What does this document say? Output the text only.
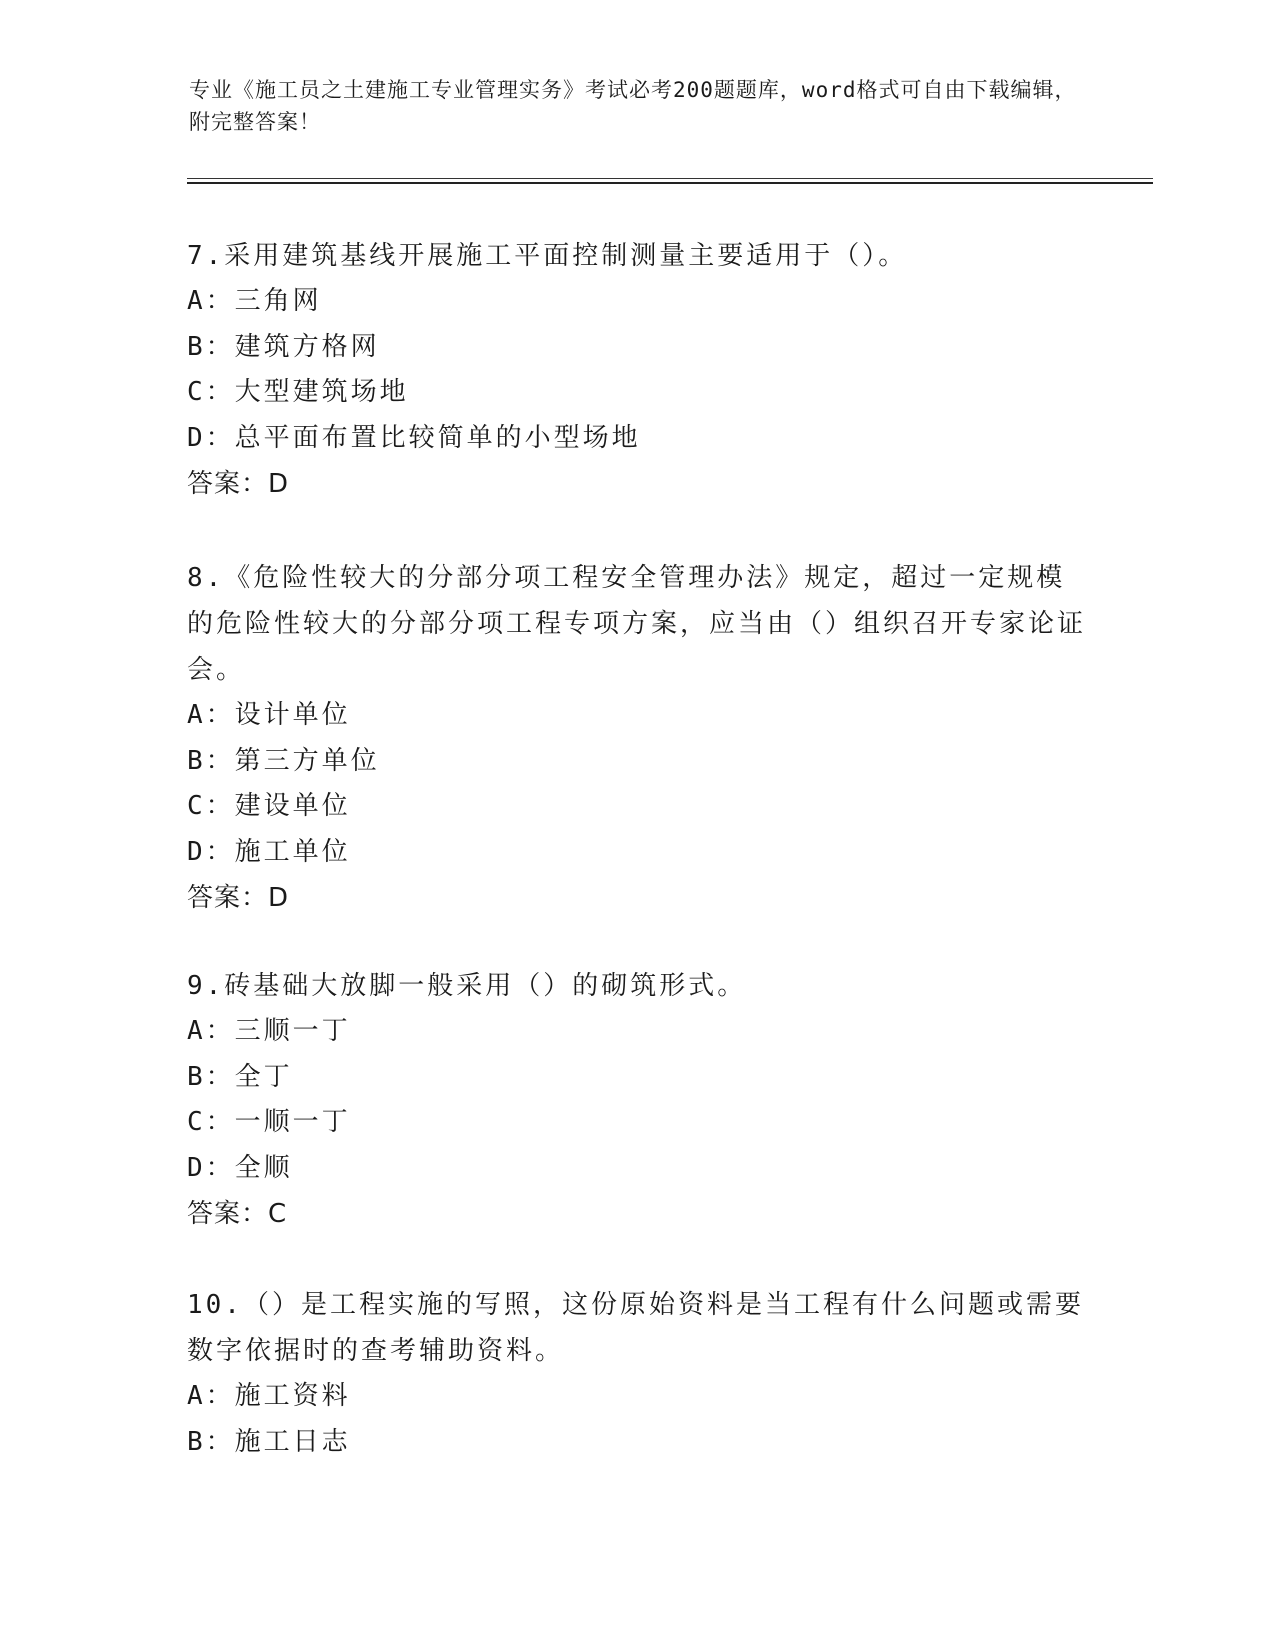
专业《施工员之土建施工专业管理实务》考试必考200题题库，word格式可自由下载编辑，附完整答案！
7.采用建筑基线开展施工平面控制测量主要适用于（）。
A：三角网
B：建筑方格网
C：大型建筑场地
D：总平面布置比较简单的小型场地
答案：D
8.《危险性较大的分部分项工程安全管理办法》规定，超过一定规模的危险性较大的分部分项工程专项方案，应当由（）组织召开专家论证会。
A：设计单位
B：第三方单位
C：建设单位
D：施工单位
答案：D
9.砖基础大放脚一般采用（）的砌筑形式。
A：三顺一丁
B：全丁
C：一顺一丁
D：全顺
答案：C
10.（）是工程实施的写照，这份原始资料是当工程有什么问题或需要数字依据时的查考辅助资料。
A：施工资料
B：施工日志
